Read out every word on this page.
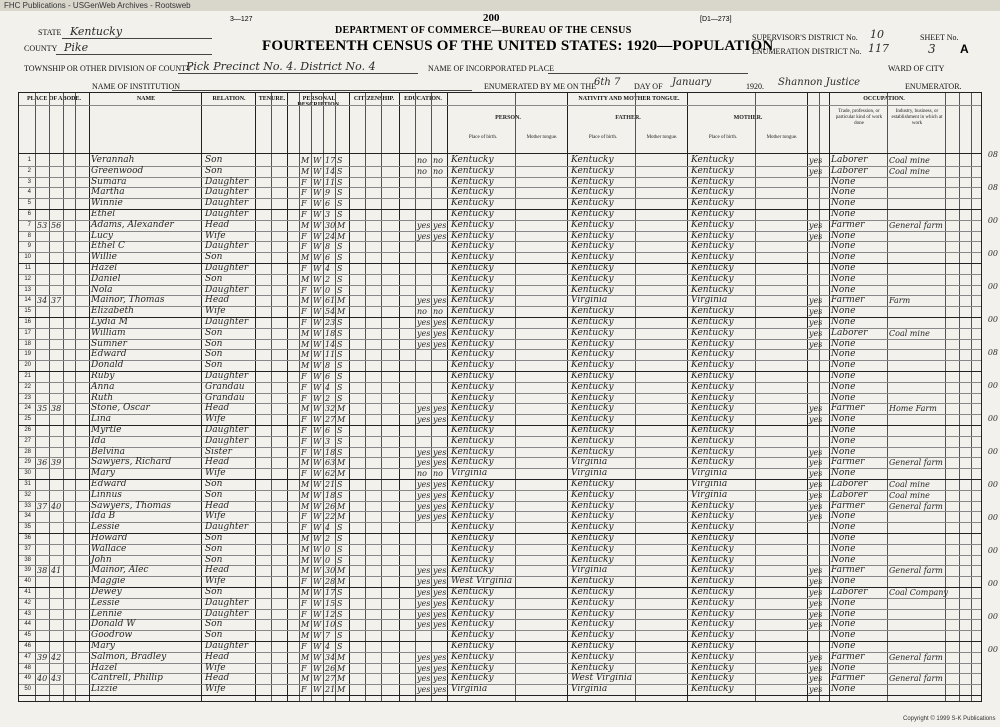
FHC Publications - USGenWeb Archives - Rootsweb
200
3—127	[D1—273]
DEPARTMENT OF COMMERCE—BUREAU OF THE CENSUS
FOURTEENTH CENSUS OF THE UNITED STATES: 1920—POPULATION
STATE Kentucky
COUNTY Pike
TOWNSHIP OR OTHER DIVISION OF COUNTY
Pick Precinct No. 4. District No. 4	NAME OF INCORPORATED PLACE	WARD OF CITY
NAME OF INSTITUTION	ENUMERATED BY ME ON THE
6th 7 DAY OF January	1920. Shannon Justice	ENUMERATOR.
SUPERVISOR'S DISTRICT No. 10
ENUMERATION DISTRICT No. 117
SHEET No.
3 A
PLACE OF ABODE.	NAME	RELATION.	TENURE.	PERSONAL DESCRIPTION.
CITIZENSHIP.	EDUCATION.	NATIVITY AND MOTHER TONGUE.	OCCUPATION.
PERSON.	FATHER.	MOTHER.
Place of birth.	Mother tongue.	Place of birth.	Mother tongue.	Place of birth.	Mother tongue.
Trade, profession, or particular kind of work done
Industry, business, or establishment in which at work
1	Verannah	Son	M W 17 S	no no Kentucky	Kentucky	Kentucky	yes Laborer	Coal mine
2	Greenwood	Son	M W 14 S	no no Kentucky	Kentucky	Kentucky	yes Laborer	Coal mine
3	Sumara	Daughter	F W 11 S	Kentucky	Kentucky	Kentucky	None
4	Martha	Daughter	F W 9 S	Kentucky	Kentucky	Kentucky	None
5	Winnie	Daughter	F W 6 S	Kentucky	Kentucky	Kentucky	None
6	Ethel	Daughter	F W 3 S	Kentucky	Kentucky	Kentucky	None
7 53 56	Adams, Alexander	Head	M W 30 M	yes yes Kentucky	Kentucky	Kentucky	yes Farmer	General farm
8	Lucy	Wife	F W 24 M	yes yes Kentucky	Kentucky	Kentucky	yes None
9	Ethel C	Daughter	F W 8 S	Kentucky	Kentucky	Kentucky	None
10	Willie	Son	M W 6 S	Kentucky	Kentucky	Kentucky	None
11	Hazel	Daughter	F W 4 S	Kentucky	Kentucky	Kentucky	None
12	Daniel	Son	M W 2 S	Kentucky	Kentucky	Kentucky	None
13	Nola	Daughter	F W 0 S	Kentucky	Kentucky	Kentucky	None
14 34 37	Mainor, Thomas	Head	M W 61 M	yes yes Kentucky	Virginia	Virginia	yes Farmer	Farm
15	Elizabeth	Wife	F W 54 M	no no Kentucky	Kentucky	Kentucky	yes None
16	Lydia M	Daughter	F W 23 S	yes yes Kentucky	Kentucky	Kentucky	yes None
17	William	Son	M W 18 S	yes yes Kentucky	Kentucky	Kentucky	yes Laborer	Coal mine
18	Sumner	Son	M W 14 S	yes yes Kentucky	Kentucky	Kentucky	yes None
19	Edward	Son	M W 11 S	Kentucky	Kentucky	Kentucky	None
20	Donald	Son	M W 8 S	Kentucky	Kentucky	Kentucky	None
21	Ruby	Daughter	F W 6 S	Kentucky	Kentucky	Kentucky	None
22	Anna	Grandau	F W 4 S	Kentucky	Kentucky	Kentucky	None
23	Ruth	Grandau	F W 2 S	Kentucky	Kentucky	Kentucky	None
24 35 38	Stone, Oscar	Head	M W 32 M	yes yes Kentucky	Kentucky	Kentucky	yes Farmer	Home Farm
25	Lina	Wife	F W 27 M	yes yes Kentucky	Kentucky	Kentucky	yes None
26	Myrtle	Daughter	F W 6 S	Kentucky	Kentucky	Kentucky	None
27	Ida	Daughter	F W 3 S	Kentucky	Kentucky	Kentucky	None
28	Belvina	Sister	F W 18 S	yes yes Kentucky	Kentucky	Kentucky	yes None
29 36 39	Sawyers, Richard	Head	M W 63 M	yes yes Kentucky	Virginia	Kentucky	yes Farmer	General farm
30	Mary	Wife	F W 62 M	no no Virginia	Virginia	Virginia	yes None
31	Edward	Son	M W 21 S	yes yes Kentucky	Kentucky	Virginia	yes Laborer	Coal mine
32	Linnus	Son	M W 18 S	yes yes Kentucky	Kentucky	Virginia	yes Laborer	Coal mine
33 37 40	Sawyers, Thomas	Head	M W 26 M	yes yes Kentucky	Kentucky	Kentucky	yes Farmer	General farm
34	Ida B	Wife	F W 22 M	yes yes Kentucky	Kentucky	Kentucky	yes None
35	Lessie	Daughter	F W 4 S	Kentucky	Kentucky	Kentucky	None
36	Howard	Son	M W 2 S	Kentucky	Kentucky	Kentucky	None
37	Wallace	Son	M W 0 S	Kentucky	Kentucky	Kentucky	None
38	John	Son	M W 0 S	Kentucky	Kentucky	Kentucky	None
39 38 41	Mainor, Alec	Head	M W 30 M	yes yes Kentucky	Virginia	Kentucky	yes Farmer	General farm
40	Maggie	Wife	F W 28 M	yes yes West Virginia	Kentucky	Kentucky	yes None
41	Dewey	Son	M W 17 S	yes yes Kentucky	Kentucky	Kentucky	yes Laborer	Coal Company
42	Lessie	Daughter	F W 15 S	yes yes Kentucky	Kentucky	Kentucky	yes None
43	Lennie	Daughter	F W 12 S	yes yes Kentucky	Kentucky	Kentucky	yes None
44	Donald W	Son	M W 10 S	yes yes Kentucky	Kentucky	Kentucky	yes None
45	Goodrow	Son	M W 7 S	Kentucky	Kentucky	Kentucky	None
46	Mary	Daughter	F W 4 S	Kentucky	Kentucky	Kentucky	None
47 39 42	Salmon, Bradley	Head	M W 34 M	yes yes Kentucky	Kentucky	Kentucky	yes Farmer	General farm
48	Hazel	Wife	F W 26 M	yes yes Kentucky	Kentucky	Kentucky	yes None
49 40 43	Cantrell, Phillip	Head	M W 27 M	yes yes Kentucky	West Virginia	Kentucky	yes Farmer	General farm
50	Lizzie	Wife	F W 21 M	yes yes Virginia	Virginia	Kentucky	yes None
08
08
00
00
00
00
08
00
00
00
00
00
00
00
00
00
Copyright © 1999 S-K Publications
